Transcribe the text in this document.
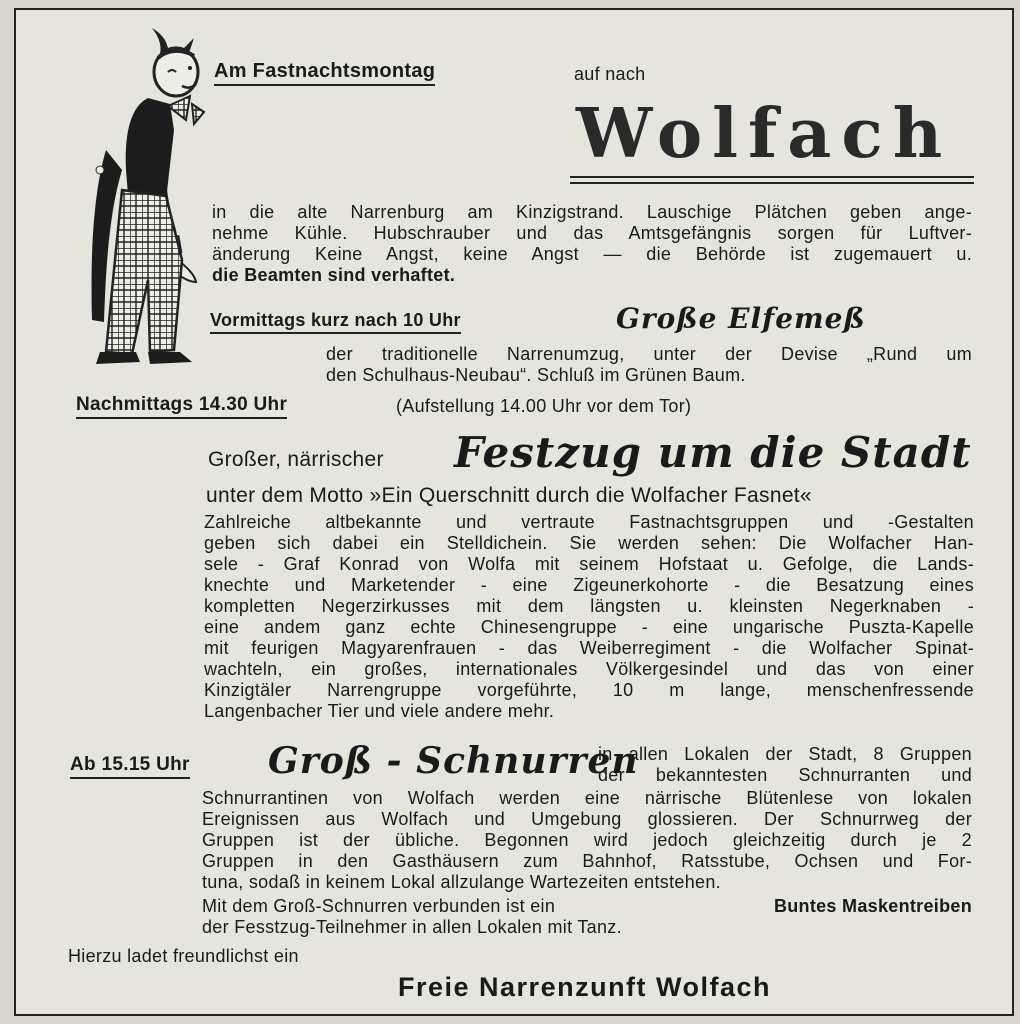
Am Fastnachtsmontag	auf nach
Wolfach
in die alte Narrenburg am Kinzigstrand. Lauschige Plätchen geben ange-
nehme Kühle. Hubschrauber und das Amtsgefängnis sorgen für Luftver-
änderung Keine Angst, keine Angst — die Behörde ist zugemauert u.
die Beamten sind verhaftet.
Vormittags kurz nach 10 Uhr	Große Elfemeß
der traditionelle Narrenumzug, unter der Devise „Rund um
den Schulhaus-Neubau“. Schluß im Grünen Baum.
Nachmittags 14.30 Uhr	(Aufstellung 14.00 Uhr vor dem Tor)
Großer, närrischer Festzug um die Stadt
unter dem Motto »Ein Querschnitt durch die Wolfacher Fasnet«
Zahlreiche altbekannte und vertraute Fastnachtsgruppen und -Gestalten
geben sich dabei ein Stelldichein. Sie werden sehen: Die Wolfacher Han-
sele - Graf Konrad von Wolfa mit seinem Hofstaat u. Gefolge, die Lands-
knechte und Marketender - eine Zigeunerkohorte - die Besatzung eines
kompletten Negerzirkusses mit dem längsten u. kleinsten Negerknaben -
eine andem ganz echte Chinesengruppe - eine ungarische Puszta-Kapelle
mit feurigen Magyarenfrauen - das Weiberregiment - die Wolfacher Spinat-
wachteln, ein großes, internationales Völkergesindel und das von einer
Kinzigtäler Narrengruppe vorgeführte, 10 m lange, menschenfressende
Langenbacher Tier und viele andere mehr.
Ab 15.15 Uhr Groß - Schnurren
in allen Lokalen der Stadt, 8 Gruppen
der bekanntesten Schnurranten und
Schnurrantinen von Wolfach werden eine närrische Blütenlese von lokalen
Ereignissen aus Wolfach und Umgebung glossieren. Der Schnurrweg der
Gruppen ist der übliche. Begonnen wird jedoch gleichzeitig durch je 2
Gruppen in den Gasthäusern zum Bahnhof, Ratsstube, Ochsen und For-
tuna, sodaß in keinem Lokal allzulange Wartezeiten entstehen.
Mit dem Groß-Schnurren verbunden ist ein	Buntes Maskentreiben
der Fesstzug-Teilnehmer in allen Lokalen mit Tanz.
Hierzu ladet freundlichst ein
Freie Narrenzunft Wolfach
